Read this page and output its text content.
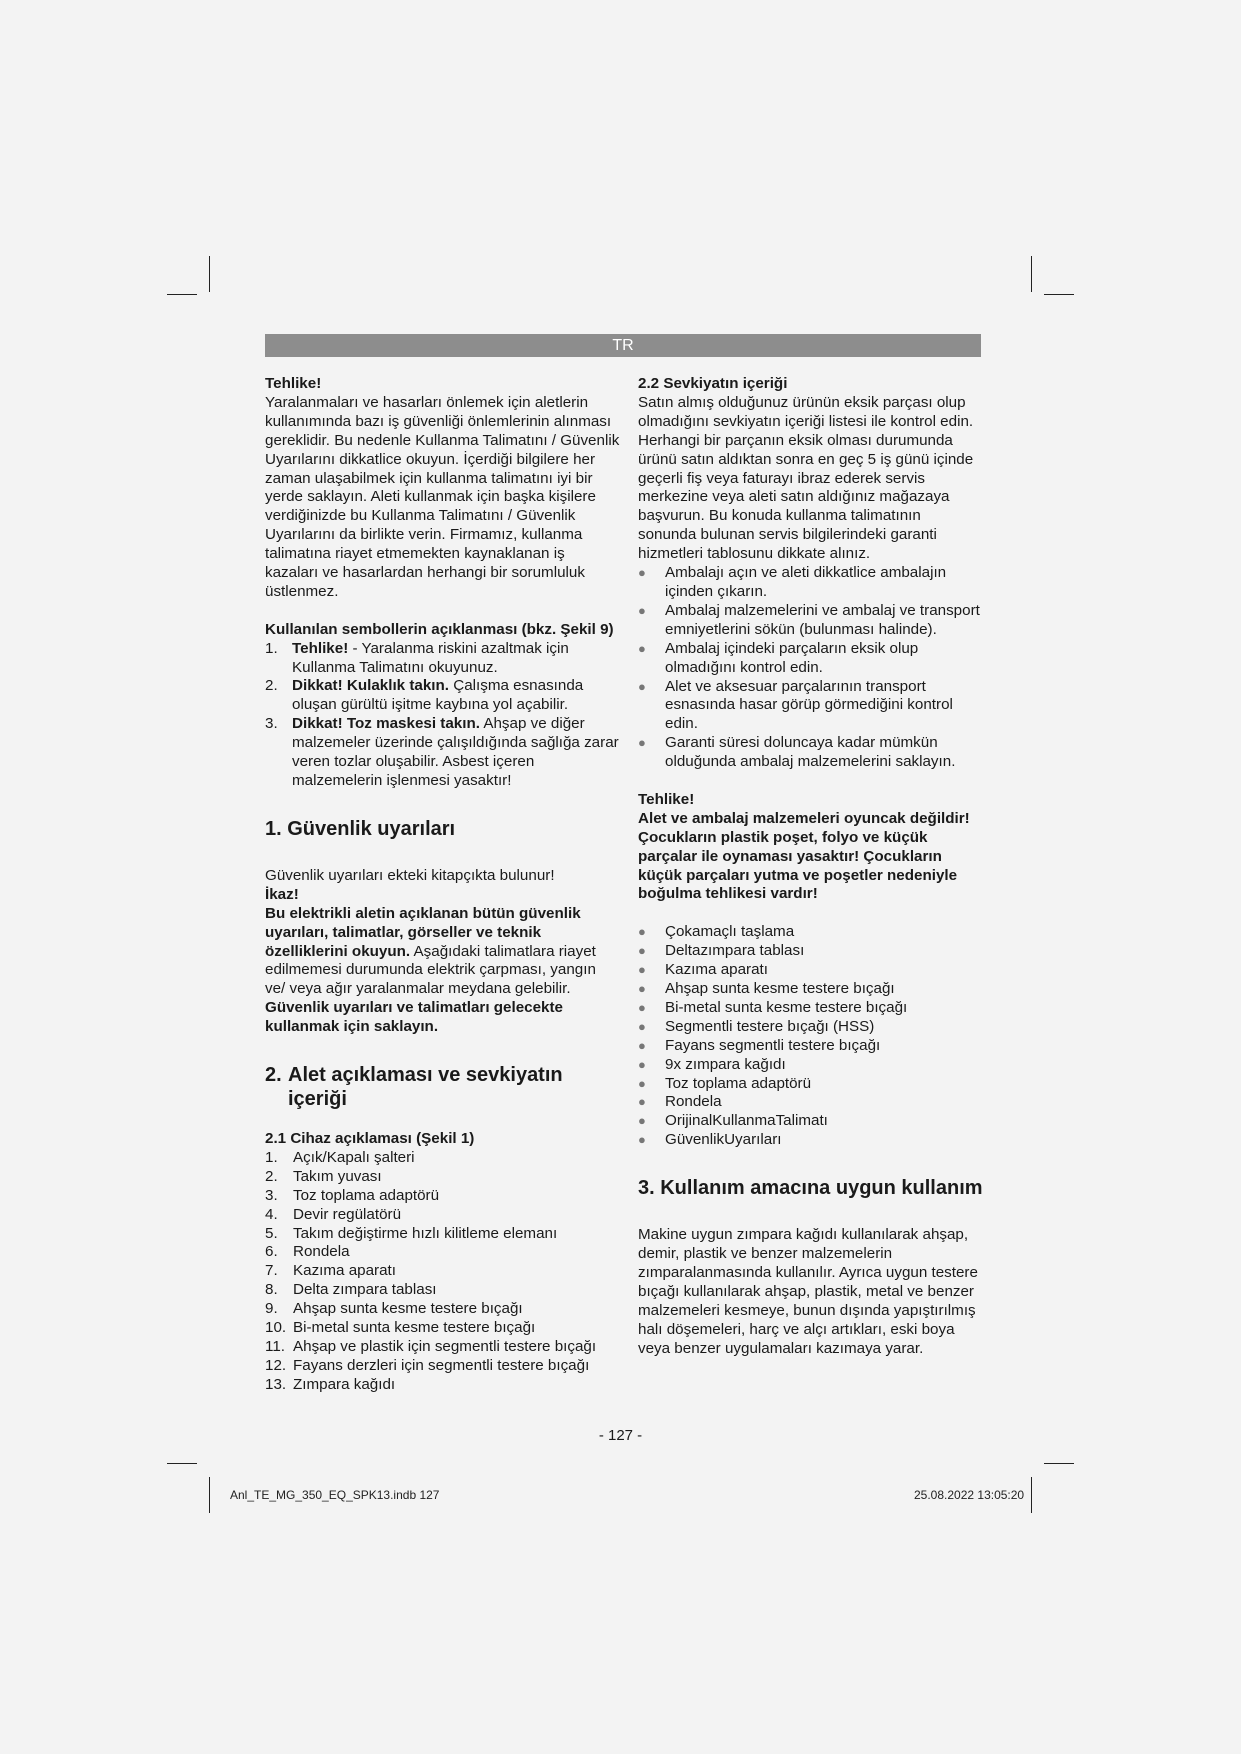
TR

Tehlike!

Yaralanmaları ve hasarları önlemek için aletlerin kullanımında bazı iş güvenliği önlemlerinin alınması gereklidir. Bu nedenle Kullanma Talimatını / Güvenlik Uyarılarını dikkatlice okuyun. İçerdiği bilgilere her zaman ulaşabilmek için kullanma talimatını iyi bir yerde saklayın. Aleti kullanmak için başka kişilere verdiğinizde bu Kullanma Talimatını / Güvenlik Uyarılarını da birlikte verin. Firmamız, kullanma talimatına riayet etmemekten kaynaklanan iş kazaları ve hasarlardan herhangi bir sorumluluk üstlenmez.

Kullanılan sembollerin açıklanması (bkz. Şekil 9)

1. Tehlike! - Yaralanma riskini azaltmak için Kullanma Talimatını okuyunuz.
2. Dikkat! Kulaklık takın. Çalışma esnasında oluşan gürültü işitme kaybına yol açabilir.
3. Dikkat! Toz maskesi takın. Ahşap ve diğer malzemeler üzerinde çalışıldığında sağlığa zarar veren tozlar oluşabilir. Asbest içeren malzemelerin işlenmesi yasaktır!
1. Güvenlik uyarıları

Güvenlik uyarıları ekteki kitapçıkta bulunur!

İkaz!

Bu elektrikli aletin açıklanan bütün güvenlik uyarıları, talimatlar, görseller ve teknik özelliklerini okuyun. Aşağıdaki talimatlara riayet edilmemesi durumunda elektrik çarpması, yangın ve/ veya ağır yaralanmalar meydana gelebilir.

Güvenlik uyarıları ve talimatları gelecekte kullanmak için saklayın.

2. Alet açıklaması ve sevkiyatın içeriği

2.1 Cihaz açıklaması (Şekil 1)

1.	Açık/Kapalı şalteri
2.	Takım yuvası
3.	Toz toplama adaptörü
4.	Devir regülatörü
5.	Takım değiştirme hızlı kilitleme elemanı
6.	Rondela
7.	Kazıma aparatı
8.	Delta zımpara tablası
9.	Ahşap sunta kesme testere bıçağı
10. Bi-metal sunta kesme testere bıçağı
11. Ahşap ve plastik için segmentli testere bıçağı
12. Fayans derzleri için segmentli testere bıçağı
13. Zımpara kağıdı

2.2 Sevkiyatın içeriği

Satın almış olduğunuz ürünün eksik parçası olup olmadığını sevkiyatın içeriği listesi ile kontrol edin. Herhangi bir parçanın eksik olması durumunda ürünü satın aldıktan sonra en geç 5 iş günü içinde geçerli fiş veya faturayı ibraz ederek servis merkezine veya aleti satın aldığınız mağazaya başvurun. Bu konuda kullanma talimatının sonunda bulunan servis bilgilerindeki garanti hizmetleri tablosunu dikkate alınız.

●	Ambalajı açın ve aleti dikkatlice ambalajın içinden çıkarın.
●	Ambalaj malzemelerini ve ambalaj ve transport emniyetlerini sökün (bulunması halinde).
●	Ambalaj içindeki parçaların eksik olup olmadığını kontrol edin.
●	Alet ve aksesuar parçalarının transport esnasında hasar görüp görmediğini kontrol edin.
●	Garanti süresi doluncaya kadar mümkün olduğunda ambalaj malzemelerini saklayın.

Tehlike!

Alet ve ambalaj malzemeleri oyuncak değildir! Çocukların plastik poşet, folyo ve küçük parçalar ile oynaması yasaktır! Çocukların küçük parçaları yutma ve poşetler nedeniyle boğulma tehlikesi vardır!

●	Çokamaçlı taşlama
●	Deltazımpara tablası
●	Kazıma aparatı
●	Ahşap sunta kesme testere bıçağı
●	Bi-metal sunta kesme testere bıçağı
●	Segmentli testere bıçağı (HSS)
●	Fayans segmentli testere bıçağı
●	9x zımpara kağıdı
●	Toz toplama adaptörü
●	Rondela
●	OrijinalKullanmaTalimatı
●	GüvenlikUyarıları
3. Kullanım amacına uygun kullanım

Makine uygun zımpara kağıdı kullanılarak ahşap, demir, plastik ve benzer malzemelerin zımparalanmasında kullanılır. Ayrıca uygun testere bıçağı kullanılarak ahşap, plastik, metal ve benzer malzemeleri kesmeye, bunun dışında yapıştırılmış halı döşemeleri, harç ve alçı artıkları, eski boya veya benzer uygulamaları kazımaya yarar.

- 127 -
Anl_TE_MG_350_EQ_SPK13.indb 127	25.08.2022 13:05:20
